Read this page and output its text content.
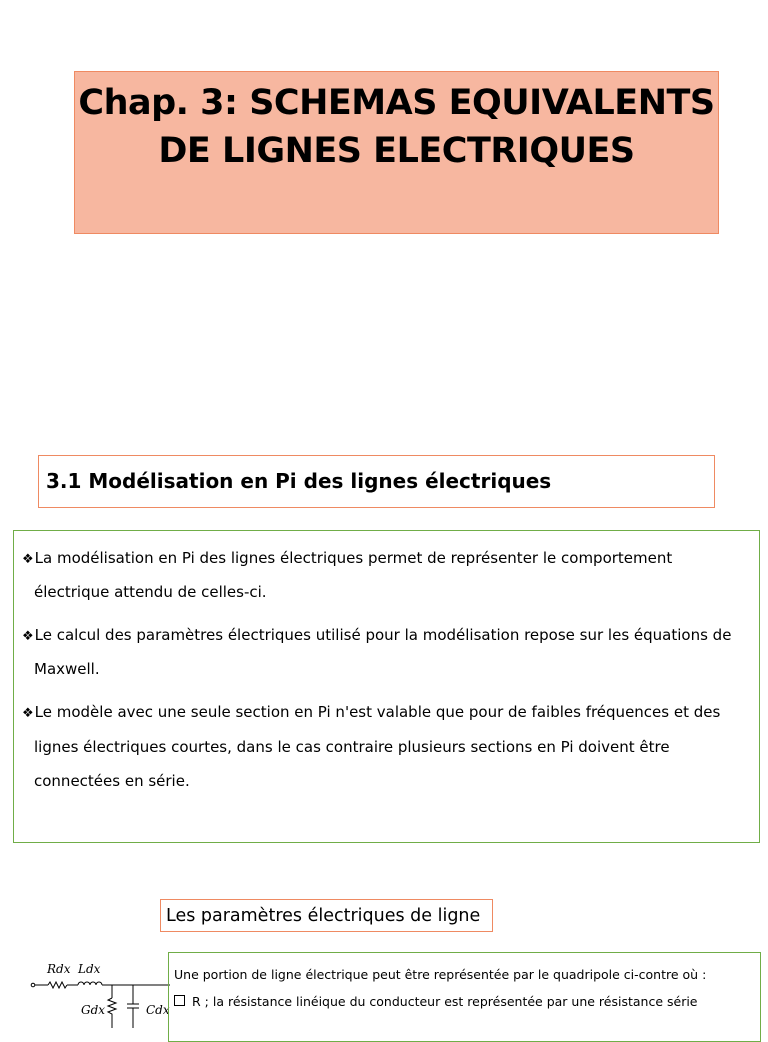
Chap. 3: SCHEMAS EQUIVALENTS
DE LIGNES ELECTRIQUES
3.1 Modélisation en Pi des lignes électriques
❖La modélisation en Pi des lignes électriques permet de représenter le comportement
électrique attendu de celles-ci.
❖Le calcul des paramètres électriques utilisé pour la modélisation repose sur les équations de
Maxwell.
❖Le modèle avec une seule section en Pi n'est valable que pour de faibles fréquences et des
lignes électriques courtes, dans le cas contraire plusieurs sections en Pi doivent être
connectées en série.
Les paramètres électriques de ligne
Rdx Ldx
Gdx	Cdx
Une portion de ligne électrique peut être représentée par le quadripole ci-contre où :
R ; la résistance linéique du conducteur est représentée par une résistance série
